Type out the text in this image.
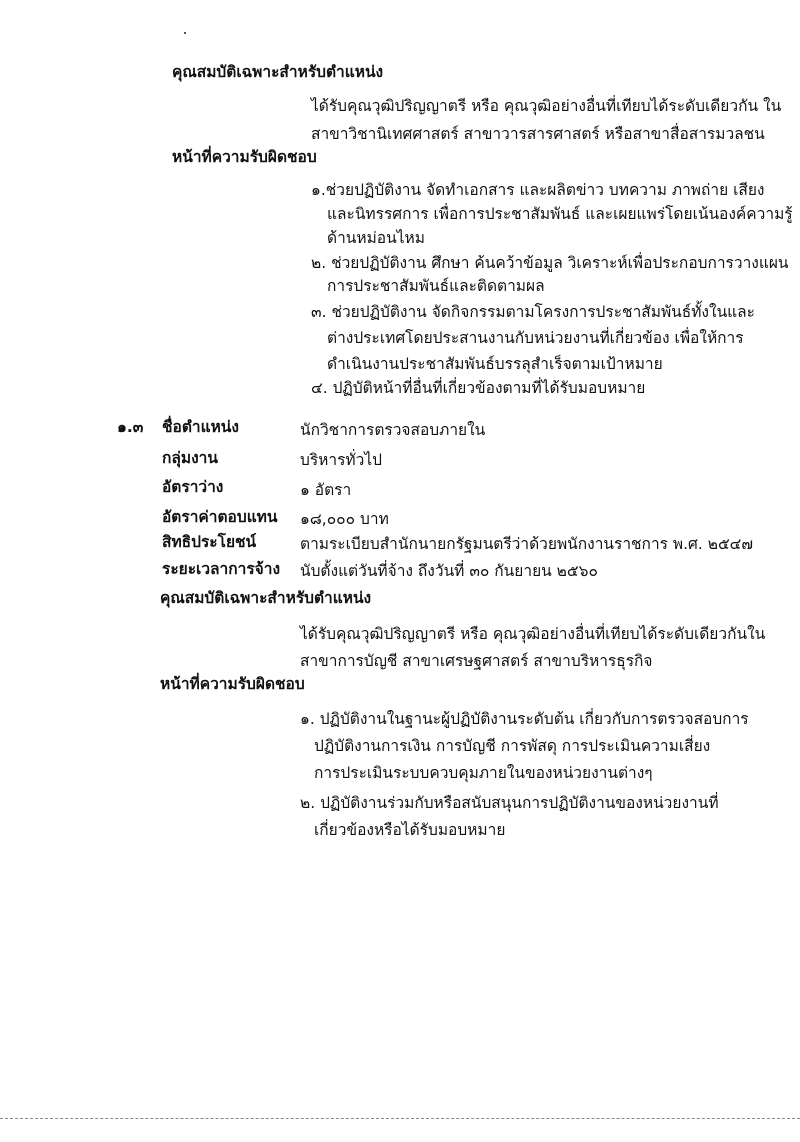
คุณสมบัติเฉพาะสำหรับตำแหน่ง
ได้รับคุณวุฒิปริญญาตรี หรือ คุณวุฒิอย่างอื่นที่เทียบได้ระดับเดียวกัน ใน
สาขาวิชานิเทศศาสตร์ สาขาวารสารศาสตร์ หรือสาขาสื่อสารมวลชน
หน้าที่ความรับผิดชอบ
๑.ช่วยปฏิบัติงาน จัดทำเอกสาร และผลิตข่าว บทความ ภาพถ่าย เสียง
และนิทรรศการ เพื่อการประชาสัมพันธ์ และเผยแพร่โดยเน้นองค์ความรู้
ด้านหม่อนไหม
๒. ช่วยปฏิบัติงาน ศึกษา ค้นคว้าข้อมูล วิเคราะห์เพื่อประกอบการวางแผน
การประชาสัมพันธ์และติดตามผล
๓. ช่วยปฏิบัติงาน จัดกิจกรรมตามโครงการประชาสัมพันธ์ทั้งในและ
ต่างประเทศโดยประสานงานกับหน่วยงานที่เกี่ยวข้อง เพื่อให้การ
ดำเนินงานประชาสัมพันธ์บรรลุสำเร็จตามเป้าหมาย
๔. ปฏิบัติหน้าที่อื่นที่เกี่ยวข้องตามที่ได้รับมอบหมาย
๑.๓ ชื่อตำแหน่ง	นักวิชาการตรวจสอบภายใน
กลุ่มงาน	บริหารทั่วไป
อัตราว่าง	๑ อัตรา
อัตราค่าตอบแทน ๑๘,๐๐๐ บาท
สิทธิประโยชน์	ตามระเบียบสำนักนายกรัฐมนตรีว่าด้วยพนักงานราชการ พ.ศ. ๒๕๔๗
ระยะเวลาการจ้าง นับตั้งแต่วันที่จ้าง ถึงวันที่ ๓๐ กันยายน ๒๕๖๐
คุณสมบัติเฉพาะสำหรับตำแหน่ง
ได้รับคุณวุฒิปริญญาตรี หรือ คุณวุฒิอย่างอื่นที่เทียบได้ระดับเดียวกันใน
สาขาการบัญชี สาขาเศรษฐศาสตร์ สาขาบริหารธุรกิจ
หน้าที่ความรับผิดชอบ
๑. ปฏิบัติงานในฐานะผู้ปฏิบัติงานระดับต้น เกี่ยวกับการตรวจสอบการ
ปฏิบัติงานการเงิน การบัญชี การพัสดุ การประเมินความเสี่ยง
การประเมินระบบควบคุมภายในของหน่วยงานต่างๆ
๒. ปฏิบัติงานร่วมกับหรือสนับสนุนการปฏิบัติงานของหน่วยงานที่
เกี่ยวข้องหรือได้รับมอบหมาย
